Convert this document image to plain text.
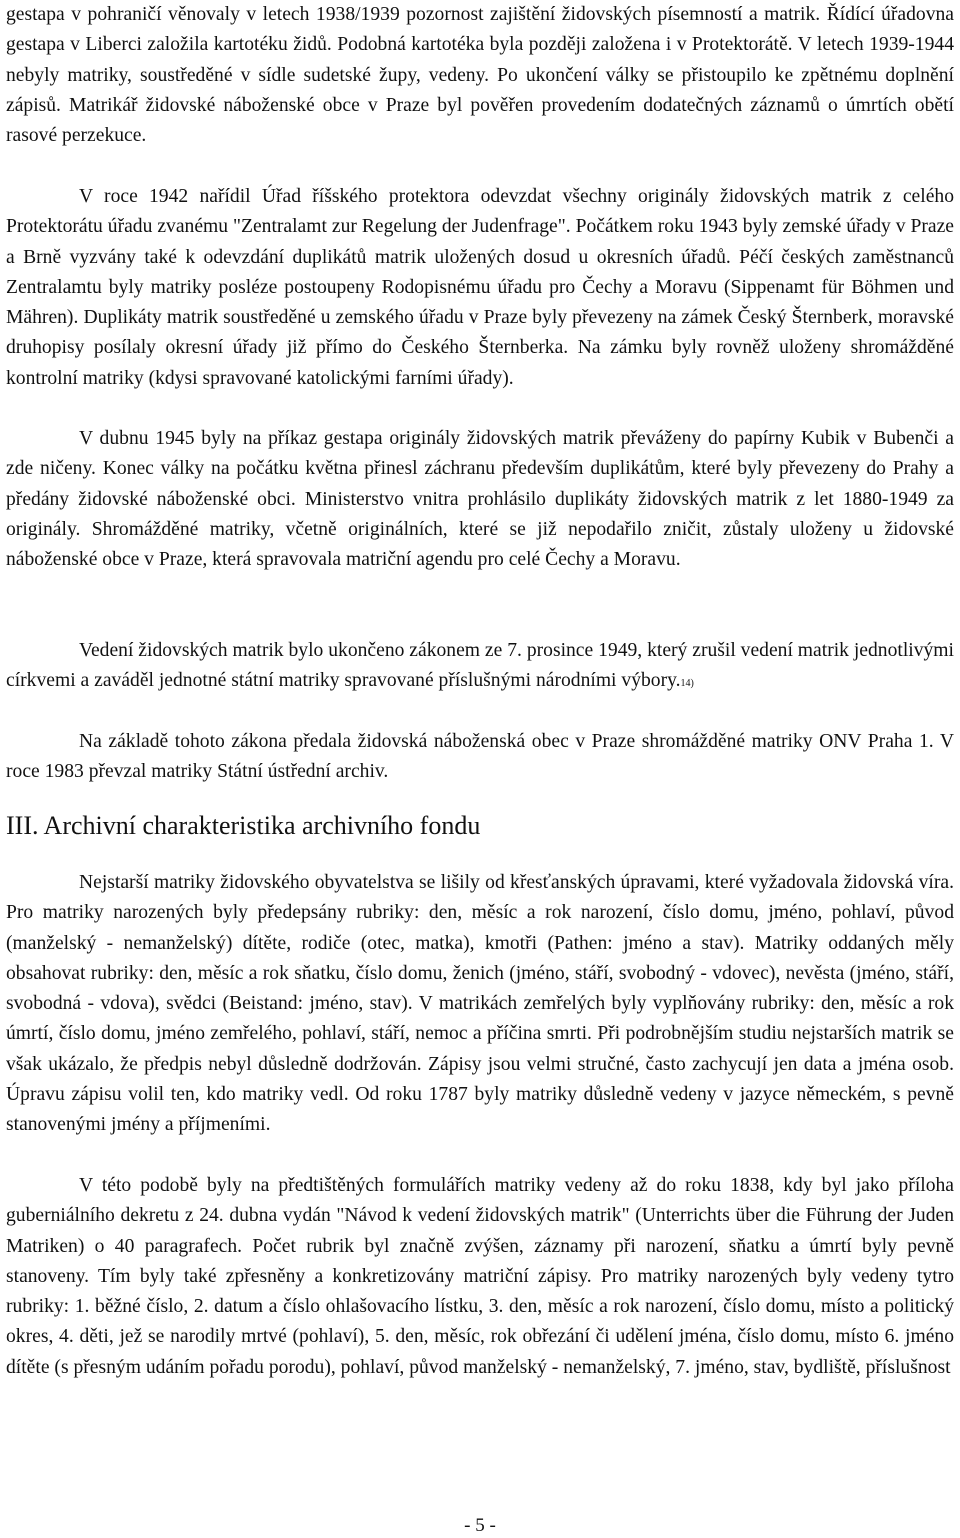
gestapa v pohraničí věnovaly v letech 1938/1939 pozornost zajištění židovských písemností a matrik. Řídící úřadovna gestapa v Liberci založila kartotéku židů. Podobná kartotéka byla později založena i v Protektorátě. V letech 1939-1944 nebyly matriky, soustředěné v sídle sudetské župy, vedeny. Po ukončení války se přistoupilo ke zpětnému doplnění zápisů. Matrikář židovské náboženské obce v Praze byl pověřen provedením dodatečných záznamů o úmrtích obětí rasové perzekuce.

V roce 1942 nařídil Úřad říšského protektora odevzdat všechny originály židovských matrik z celého Protektorátu úřadu zvanému "Zentralamt zur Regelung der Judenfrage". Počátkem roku 1943 byly zemské úřady v Praze a Brně vyzvány také k odevzdání duplikátů matrik uložených dosud u okresních úřadů. Péčí českých zaměstnanců Zentralamtu byly matriky posléze postoupeny Rodopisnému úřadu pro Čechy a Moravu (Sippenamt für Böhmen und Mähren). Duplikáty matrik soustředěné u zemského úřadu v Praze byly převezeny na zámek Český Šternberk, moravské druhopisy posílaly okresní úřady již přímo do Českého Šternberka. Na zámku byly rovněž uloženy shromážděné kontrolní matriky (kdysi spravované katolickými farními úřady).

V dubnu 1945 byly na příkaz gestapa originály židovských matrik převáženy do papírny Kubik v Bubenči a zde ničeny. Konec války na počátku května přinesl záchranu především duplikátům, které byly převezeny do Prahy a předány židovské náboženské obci. Ministerstvo vnitra prohlásilo duplikáty židovských matrik z let 1880-1949 za originály. Shromážděné matriky, včetně originálních, které se již nepodařilo zničit, zůstaly uloženy u židovské náboženské obce v Praze, která spravovala matriční agendu pro celé Čechy a Moravu.

Vedení židovských matrik bylo ukončeno zákonem ze 7. prosince 1949, který zrušil vedení matrik jednotlivými církvemi a zaváděl jednotné státní matriky spravované příslušnými národními výbory.14)

Na základě tohoto zákona předala židovská náboženská obec v Praze shromážděné matriky ONV Praha 1. V roce 1983 převzal matriky Státní ústřední archiv.

III. Archivní charakteristika archivního fondu

Nejstarší matriky židovského obyvatelstva se lišily od křesťanských úpravami, které vyžadovala židovská víra. Pro matriky narozených byly předepsány rubriky: den, měsíc a rok narození, číslo domu, jméno, pohlaví, původ (manželský - nemanželský) dítěte, rodiče (otec, matka), kmotři (Pathen: jméno a stav). Matriky oddaných měly obsahovat rubriky: den, měsíc a rok sňatku, číslo domu, ženich (jméno, stáří, svobodný - vdovec), nevěsta (jméno, stáří, svobodná - vdova), svědci (Beistand: jméno, stav). V matrikách zemřelých byly vyplňovány rubriky: den, měsíc a rok úmrtí, číslo domu, jméno zemřelého, pohlaví, stáří, nemoc a příčina smrti. Při podrobnějším studiu nejstarších matrik se však ukázalo, že předpis nebyl důsledně dodržován. Zápisy jsou velmi stručné, často zachycují jen data a jména osob. Úpravu zápisu volil ten, kdo matriky vedl. Od roku 1787 byly matriky důsledně vedeny v jazyce německém, s pevně stanovenými jmény a příjmeními.

V této podobě byly na předtištěných formulářích matriky vedeny až do roku 1838, kdy byl jako příloha guberniálního dekretu z 24. dubna vydán "Návod k vedení židovských matrik" (Unterrichts über die Führung der Juden Matriken) o 40 paragrafech. Počet rubrik byl značně zvýšen, záznamy při narození, sňatku a úmrtí byly pevně stanoveny. Tím byly také zpřesněny a konkretizovány matriční zápisy. Pro matriky narozených byly vedeny tytro rubriky: 1. běžné číslo, 2. datum a číslo ohlašovacího lístku, 3. den, měsíc a rok narození, číslo domu, místo a politický okres, 4. děti, jež se narodily mrtvé (pohlaví), 5. den, měsíc, rok obřezání či udělení jména, číslo domu, místo 6. jméno dítěte (s přesným udáním pořadu porodu), pohlaví, původ manželský - nemanželský, 7. jméno, stav, bydliště, příslušnost

- 5 -
